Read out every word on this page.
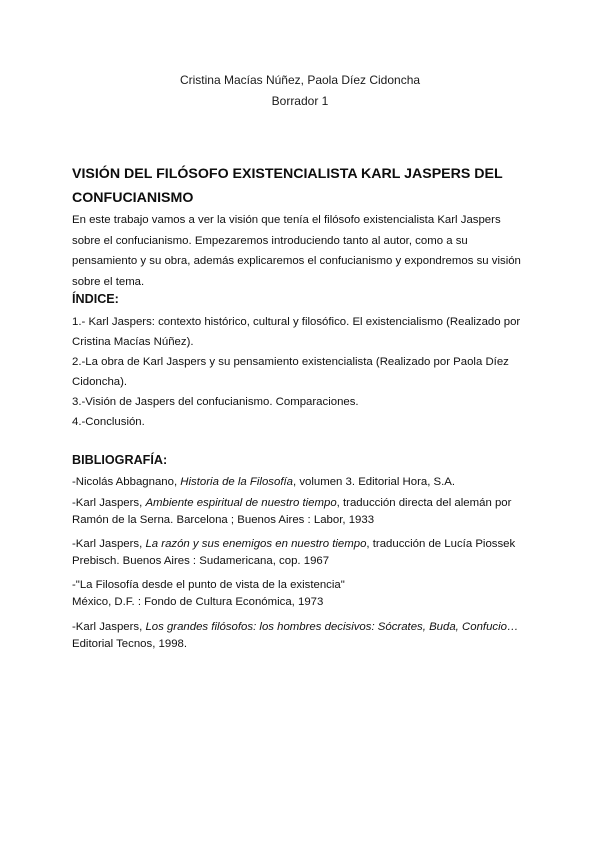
Cristina Macías Núñez, Paola Díez Cidoncha
Borrador 1
VISIÓN DEL FILÓSOFO EXISTENCIALISTA KARL JASPERS DEL CONFUCIANISMO

En este trabajo vamos a ver la visión que tenía el filósofo existencialista Karl Jaspers sobre el confucianismo. Empezaremos introduciendo tanto al autor, como a su pensamiento y su obra, además explicaremos el confucianismo y expondremos su visión sobre el tema.

ÍNDICE:
1.- Karl Jaspers: contexto histórico, cultural y filosófico. El existencialismo (Realizado por Cristina Macías Núñez).
2.-La obra de Karl Jaspers y su pensamiento existencialista (Realizado por Paola Díez Cidoncha).
3.-Visión de Jaspers del confucianismo. Comparaciones.
4.-Conclusión.
BIBLIOGRAFÍA:

-Nicolás Abbagnano, Historia de la Filosofía, volumen 3. Editorial Hora, S.A.

-Karl Jaspers, Ambiente espiritual de nuestro tiempo, traducción directa del alemán por Ramón de la Serna. Barcelona ; Buenos Aires : Labor, 1933

-Karl Jaspers, La razón y sus enemigos en nuestro tiempo, traducción de Lucía Piossek Prebisch. Buenos Aires : Sudamericana, cop. 1967

-"La Filosofía desde el punto de vista de la existencia"
México, D.F. : Fondo de Cultura Económica, 1973

-Karl Jaspers, Los grandes filósofos: los hombres decisivos: Sócrates, Buda, Confucio…
Editorial Tecnos, 1998.
